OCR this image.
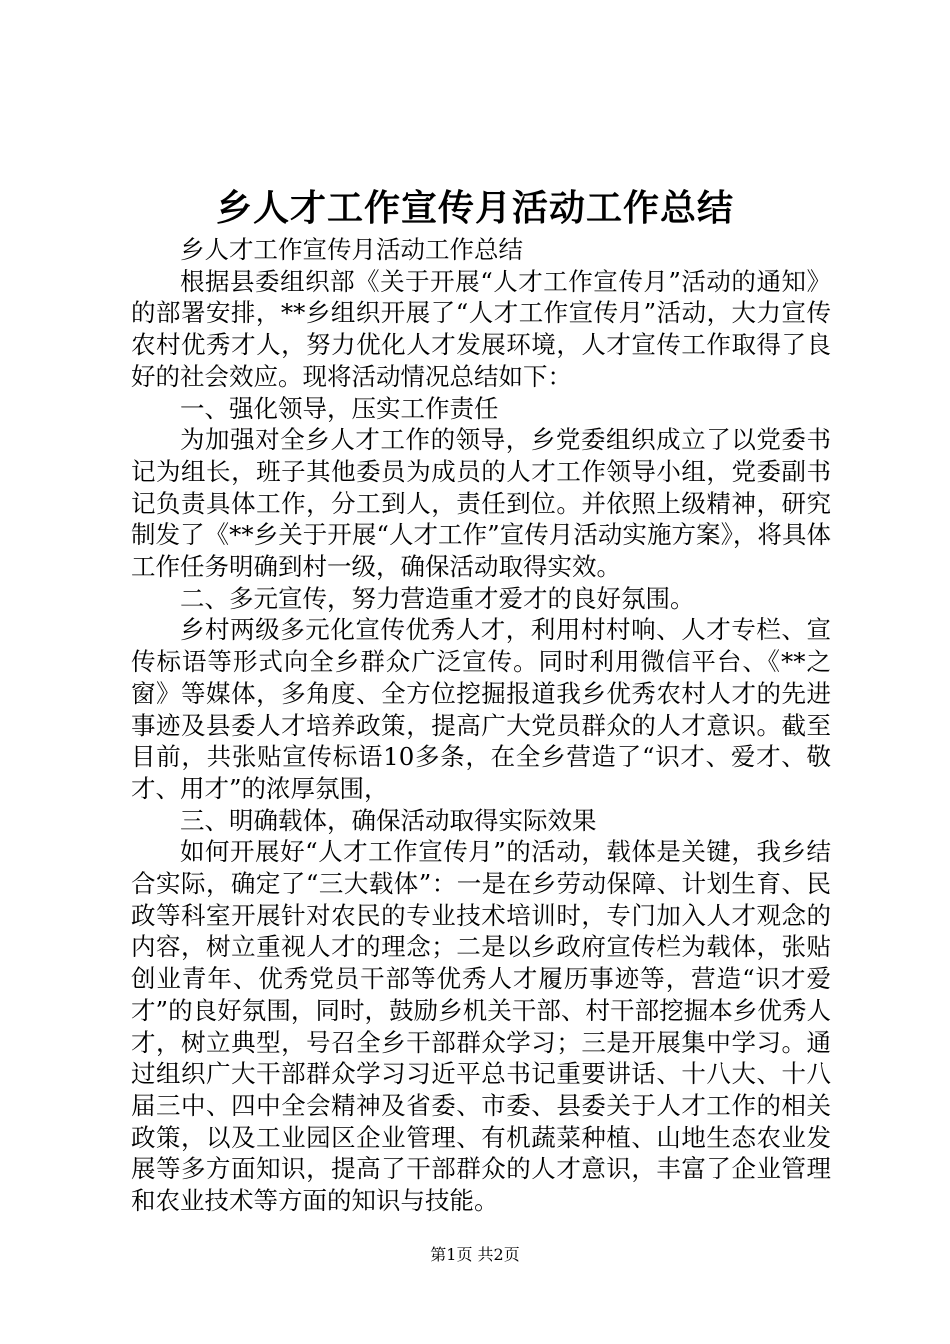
乡人才工作宣传月活动工作总结

乡人才工作宣传月活动工作总结

根据县委组织部《关于开展“人才工作宣传月”活动的通知》的部署安排，**乡组织开展了“人才工作宣传月”活动，大力宣传农村优秀才人，努力优化人才发展环境，人才宣传工作取得了良好的社会效应。现将活动情况总结如下：

一、强化领导，压实工作责任

为加强对全乡人才工作的领导，乡党委组织成立了以党委书记为组长，班子其他委员为成员的人才工作领导小组，党委副书记负责具体工作，分工到人，责任到位。并依照上级精神，研究制发了《**乡关于开展“人才工作”宣传月活动实施方案》，将具体工作任务明确到村一级，确保活动取得实效。

二、多元宣传，努力营造重才爱才的良好氛围。

乡村两级多元化宣传优秀人才，利用村村响、人才专栏、宣传标语等形式向全乡群众广泛宣传。同时利用微信平台、《**之窗》等媒体，多角度、全方位挖掘报道我乡优秀农村人才的先进事迹及县委人才培养政策，提高广大党员群众的人才意识。截至目前，共张贴宣传标语10多条，在全乡营造了“识才、爱才、敬才、用才”的浓厚氛围，

三、明确载体，确保活动取得实际效果

如何开展好“人才工作宣传月”的活动，载体是关键，我乡结合实际，确定了“三大载体”：一是在乡劳动保障、计划生育、民政等科室开展针对农民的专业技术培训时，专门加入人才观念的内容，树立重视人才的理念；二是以乡政府宣传栏为载体，张贴创业青年、优秀党员干部等优秀人才履历事迹等，营造“识才爱才”的良好氛围，同时，鼓励乡机关干部、村干部挖掘本乡优秀人才，树立典型，号召全乡干部群众学习；三是开展集中学习。通过组织广大干部群众学习习近平总书记重要讲话、十八大、十八届三中、四中全会精神及省委、市委、县委关于人才工作的相关政策，以及工业园区企业管理、有机蔬菜种植、山地生态农业发展等多方面知识，提高了干部群众的人才意识，丰富了企业管理和农业技术等方面的知识与技能。

第1页 共2页
